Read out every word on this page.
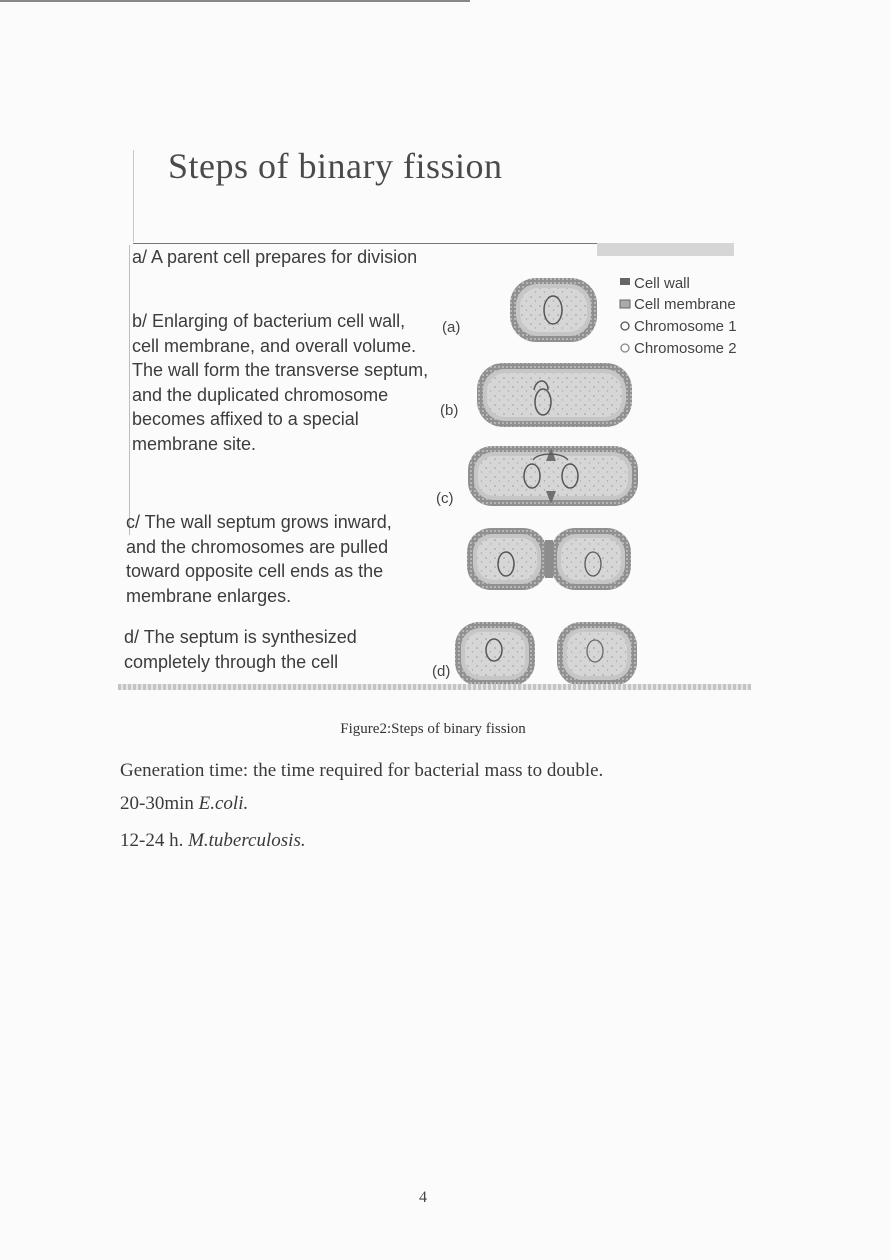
Steps of binary fission
a/ A parent cell prepares for division
b/ Enlarging of bacterium cell wall, cell membrane, and overall volume. The wall form the transverse septum, and the duplicated chromosome becomes affixed to a special membrane site.
c/ The wall septum grows inward, and the chromosomes are pulled toward opposite cell ends as the membrane enlarges.
d/ The septum is synthesized completely through the cell
(a)
(b)
(c)
(d)
Cell wall
Cell membrane
Chromosome 1
Chromosome 2
Figure2:Steps of binary fission
Generation time: the time required for bacterial mass to double.
20-30min E.coli.
12-24 h. M.tuberculosis.
4
